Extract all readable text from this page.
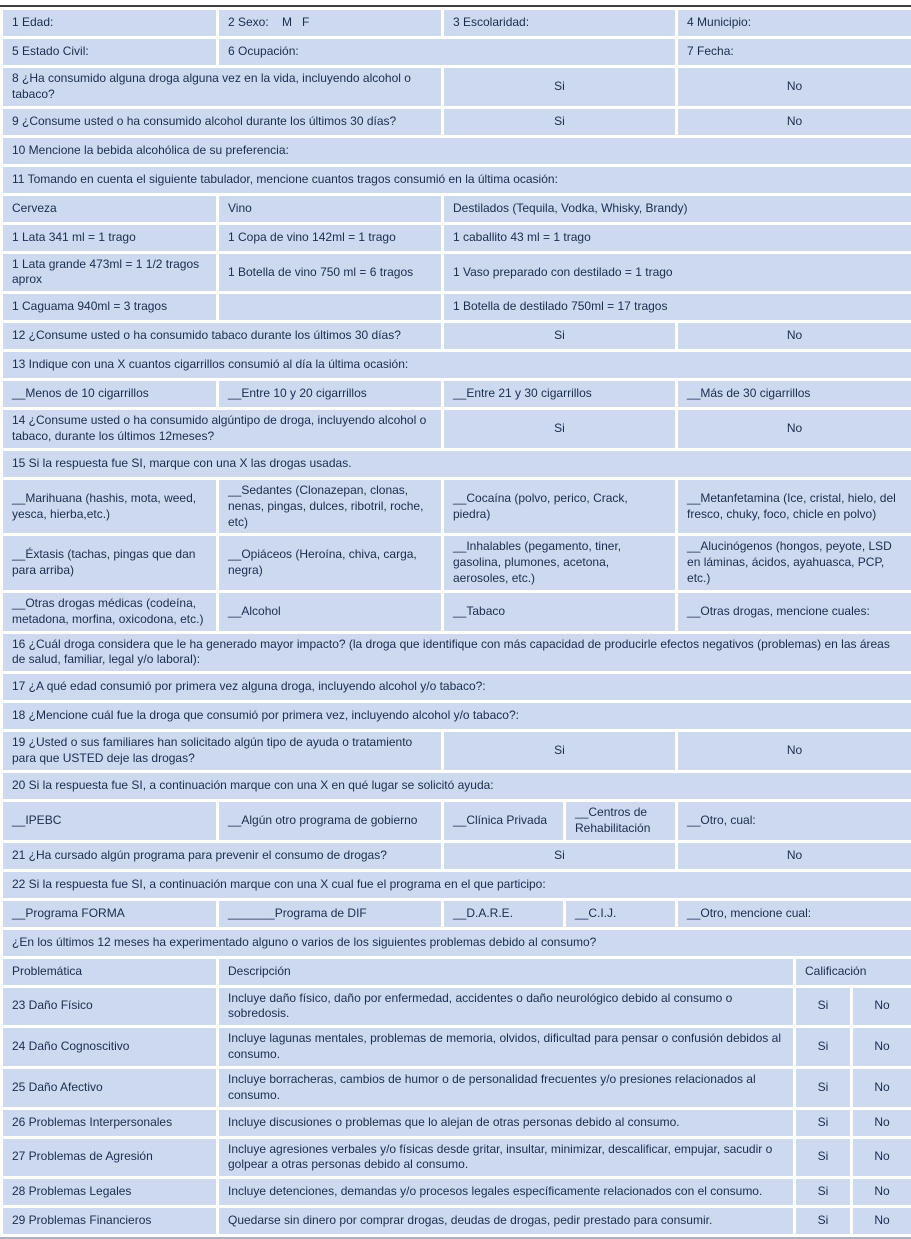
1 Edad:	2 Sexo:    M   F	3 Escolaridad:		4 Municipio:		
5 Estado Civil:	6 Ocupación:			7 Fecha:		
8 ¿Ha consumido alguna droga alguna vez en la vida, incluyendo alcohol o tabaco?		Si		No		
9 ¿Consume usted o ha consumido alcohol durante los últimos 30 días?		Si		No		
10 Mencione la bebida alcohólica de su preferencia:						
11 Tomando en cuenta el siguiente tabulador, mencione cuantos tragos consumió en la última ocasión:						
Cerveza	Vino	Destilados (Tequila, Vodka, Whisky, Brandy)				
1 Lata 341 ml = 1 trago	1 Copa de vino 142ml = 1 trago	1 caballito 43 ml = 1 trago				
1 Lata grande 473ml = 1 1/2 tragos aprox	1 Botella de vino 750 ml = 6 tragos	1 Vaso preparado con destilado = 1 trago				
1 Caguama 940ml = 3 tragos		1 Botella de destilado 750ml = 17 tragos				
12 ¿Consume usted o ha consumido tabaco durante los últimos 30 días?		Si		No		
13 Indique con una X cuantos cigarrillos consumió al día la última ocasión:						
__Menos de 10 cigarrillos	__Entre 10 y 20 cigarrillos	__Entre 21 y 30 cigarrillos		__Más de 30 cigarrillos		
14 ¿Consume usted o ha consumido algúntipo de droga, incluyendo alcohol o tabaco, durante los últimos 12meses?		Si		No		
15 Si la respuesta fue SI, marque con una X las drogas usadas.						
__Marihuana (hashis, mota, weed, yesca, hierba,etc.)	__Sedantes (Clonazepan, clonas, nenas, pingas, dulces, ribotril, roche, etc)	__Cocaína (polvo, perico, Crack, piedra)		__Metanfetamina (Ice, cristal, hielo, del fresco, chuky, foco, chicle en polvo)		
__Éxtasis (tachas, pingas que dan para arriba)	__Opiáceos (Heroína, chiva, carga, negra)	__Inhalables (pegamento, tiner, gasolina, plumones, acetona, aerosoles, etc.)		__Alucinógenos (hongos, peyote, LSD en láminas, ácidos, ayahuasca, PCP, etc.)		
__Otras drogas médicas (codeína, metadona, morfina, oxicodona, etc.)	__Alcohol	__Tabaco		__Otras drogas, mencione cuales:		
16 ¿Cuál droga considera que le ha generado mayor impacto? (la droga que identifique con más capacidad de producirle efectos negativos (problemas) en las áreas de salud, familiar, legal y/o laboral):						
17 ¿A qué edad consumió por primera vez alguna droga, incluyendo alcohol y/o tabaco?:						
18 ¿Mencione cuál fue la droga que consumió por primera vez, incluyendo alcohol y/o tabaco?:						
19 ¿Usted o sus familiares han solicitado algún tipo de ayuda o tratamiento para que USTED deje las drogas?		Si		No		
20 Si la respuesta fue SI, a continuación marque con una X en qué lugar se solicitó ayuda:						
__IPEBC	__Algún otro programa de gobierno	__Clínica Privada	__Centros de Rehabilitación	__Otro, cual:		
21 ¿Ha cursado algún programa para prevenir el consumo de drogas?		Si		No		
22 Si la respuesta fue SI, a continuación marque con una X cual fue el programa en el que participo:						
__Programa FORMA	_______Programa de DIF	__D.A.R.E.	__C.I.J.	__Otro, mencione cual:		
¿En los últimos 12 meses ha experimentado alguno o varios de los siguientes problemas debido al consumo?						
Problemática	Descripción				Calificación	
23 Daño Físico	Incluye daño físico, daño por enfermedad, accidentes o daño neurológico debido al consumo o sobredosis.				Si	No
24 Daño Cognoscitivo	Incluye lagunas mentales, problemas de memoria, olvidos, dificultad para pensar o confusión debidos al consumo.				Si	No
25 Daño Afectivo	Incluye borracheras, cambios de humor o de personalidad frecuentes y/o presiones relacionados al consumo.				Si	No
26 Problemas Interpersonales	Incluye discusiones o problemas que lo alejan de otras personas debido al consumo.				Si	No
27 Problemas de Agresión	Incluye agresiones verbales y/o físicas desde gritar, insultar, minimizar, descalificar, empujar, sacudir o golpear a otras personas debido al consumo.				Si	No
28 Problemas Legales	Incluye detenciones, demandas y/o procesos legales específicamente relacionados con el consumo.				Si	No
29 Problemas Financieros	Quedarse sin dinero por comprar drogas, deudas de drogas, pedir prestado para consumir.				Si	No
